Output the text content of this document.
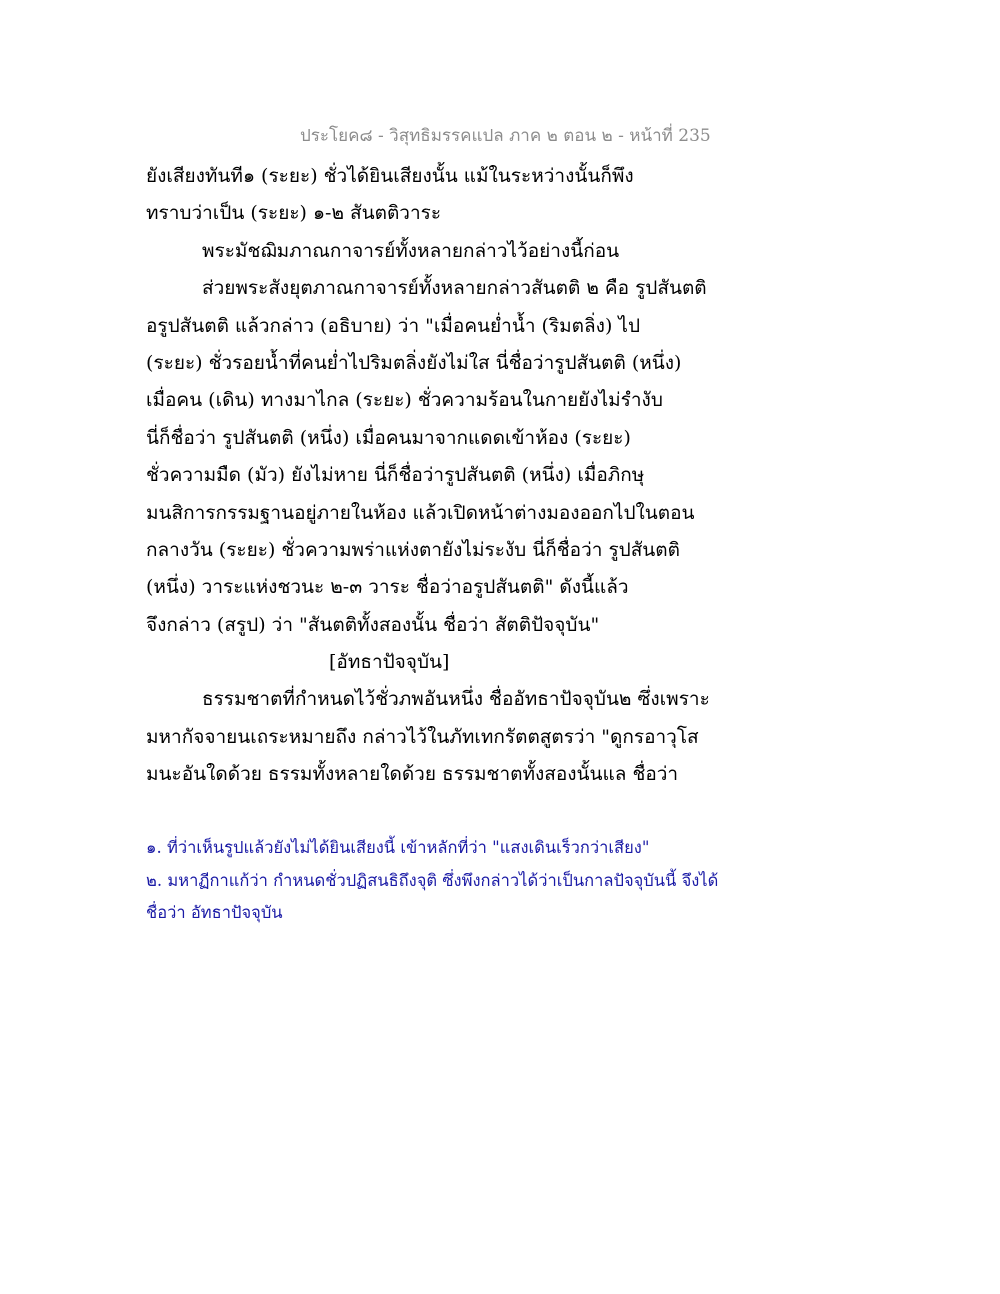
ประโยค๘ - วิสุทธิมรรคแปล ภาค ๒ ตอน ๒ - หน้าที่ 235
ยังเสียงทันที๑ (ระยะ) ชั่วได้ยินเสียงนั้น แม้ในระหว่างนั้นก็พึง
ทราบว่าเป็น (ระยะ) ๑-๒ สันตติวาระ
พระมัชฌิมภาณกาจารย์ทั้งหลายกล่าวไว้อย่างนี้ก่อน
ส่วยพระสังยุตภาณกาจารย์ทั้งหลายกล่าวสันตติ ๒ คือ รูปสันตติ
อรูปสันตติ แล้วกล่าว (อธิบาย) ว่า "เมื่อคนย่ำน้ำ (ริมตลิ่ง) ไป
(ระยะ) ชั่วรอยน้ำที่คนย่ำไปริมตลิ่งยังไม่ใส นี่ชื่อว่ารูปสันตติ (หนึ่ง)
เมื่อคน (เดิน) ทางมาไกล (ระยะ) ชั่วความร้อนในกายยังไม่รำงับ
นี่ก็ชื่อว่า รูปสันตติ (หนึ่ง) เมื่อคนมาจากแดดเข้าห้อง (ระยะ)
ชั่วความมืด (มัว) ยังไม่หาย นี่ก็ชื่อว่ารูปสันตติ (หนึ่ง) เมื่อภิกษุ
มนสิการกรรมฐานอยู่ภายในห้อง แล้วเปิดหน้าต่างมองออกไปในตอน
กลางวัน (ระยะ) ชั่วความพร่าแห่งตายังไม่ระงับ นี่ก็ชื่อว่า รูปสันตติ
(หนึ่ง) วาระแห่งชวนะ ๒-๓ วาระ ชื่อว่าอรูปสันตติ" ดังนี้แล้ว
จึงกล่าว (สรูป) ว่า "สันตติทั้งสองนั้น ชื่อว่า สัตติปัจจุบัน"
[อัทธาปัจจุบัน]
ธรรมชาตที่กำหนดไว้ชั่วภพอันหนึ่ง ชื่ออัทธาปัจจุบัน๒ ซึ่งเพราะ
มหากัจจายนเถระหมายถึง กล่าวไว้ในภัทเทกรัตตสูตรว่า "ดูกรอาวุโส
มนะอันใดด้วย ธรรมทั้งหลายใดด้วย ธรรมชาตทั้งสองนั้นแล ชื่อว่า
๑. ที่ว่าเห็นรูปแล้วยังไม่ได้ยินเสียงนี้ เข้าหลักที่ว่า "แสงเดินเร็วกว่าเสียง"
๒. มหาฏีกาแก้ว่า กำหนดชั่วปฏิสนธิถึงจุติ ซึ่งพึงกล่าวได้ว่าเป็นกาลปัจจุบันนี้ จึงได้
ชื่อว่า อัทธาปัจจุบัน
